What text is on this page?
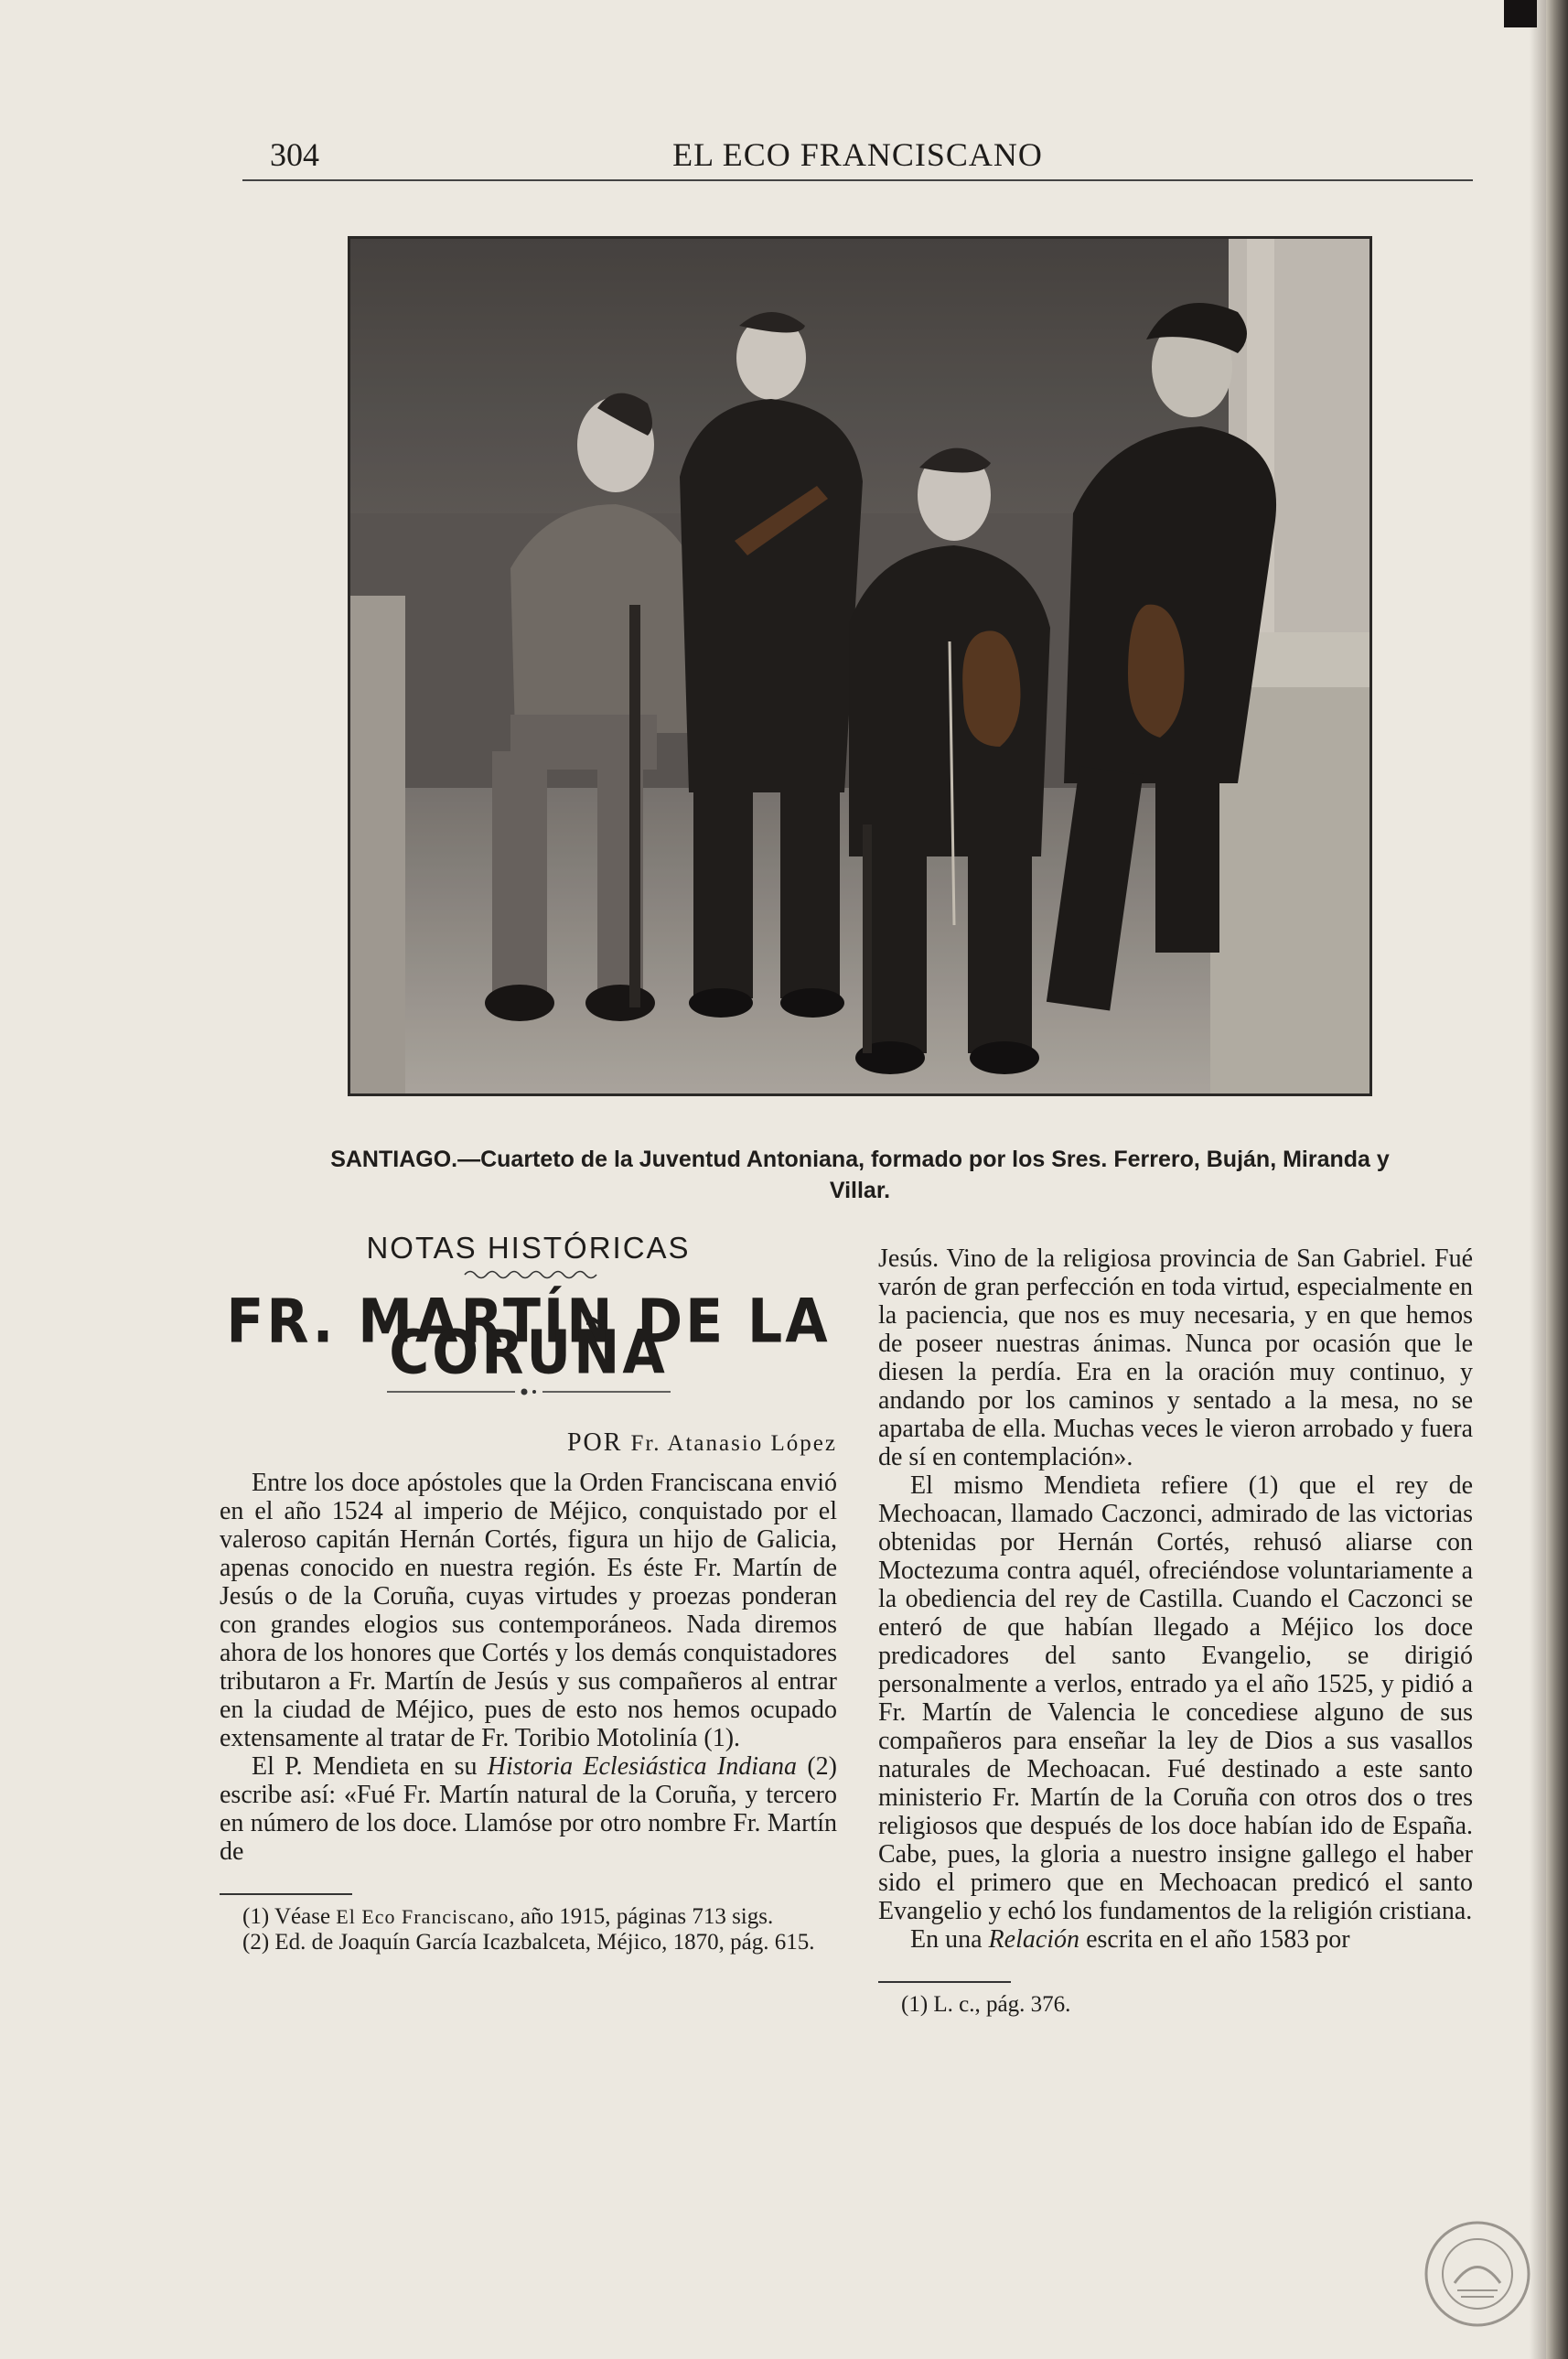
304	EL ECO FRANCISCANO
SANTIAGO.—Cuarteto de la Juventud Antoniana, formado por los Sres. Ferrero, Buján, Miranda y Villar.
NOTAS HISTÓRICAS
FR. MARTÍN DE LA CORUÑA
POR Fr. Atanasio López

Entre los doce apóstoles que la Orden Franciscana envió en el año 1524 al imperio de Méjico, conquistado por el valeroso capitán Hernán Cortés, figura un hijo de Galicia, apenas conocido en nuestra región. Es éste Fr. Martín de Jesús o de la Coruña, cuyas virtudes y proezas ponderan con grandes elogios sus contemporáneos. Nada diremos ahora de los honores que Cortés y los demás conquistadores tributaron a Fr. Martín de Jesús y sus compañeros al entrar en la ciudad de Méjico, pues de esto nos hemos ocupado extensamente al tratar de Fr. Toribio Motolinía (1).

El P. Mendieta en su Historia Eclesiástica Indiana (2) escribe así: «Fué Fr. Martín natural de la Coruña, y tercero en número de los doce. Llamóse por otro nombre Fr. Martín de

(1) Véase El Eco Franciscano, año 1915, páginas 713 sigs.
(2) Ed. de Joaquín García Icazbalceta, Méjico, 1870, pág. 615.

Jesús. Vino de la religiosa provincia de San Gabriel. Fué varón de gran perfección en toda virtud, especialmente en la paciencia, que nos es muy necesaria, y en que hemos de poseer nuestras ánimas. Nunca por ocasión que le diesen la perdía. Era en la oración muy continuo, y andando por los caminos y sentado a la mesa, no se apartaba de ella. Muchas veces le vieron arrobado y fuera de sí en contemplación».

El mismo Mendieta refiere (1) que el rey de Mechoacan, llamado Caczonci, admirado de las victorias obtenidas por Hernán Cortés, rehusó aliarse con Moctezuma contra aquél, ofreciéndose voluntariamente a la obediencia del rey de Castilla. Cuando el Caczonci se enteró de que habían llegado a Méjico los doce predicadores del santo Evangelio, se dirigió personalmente a verlos, entrado ya el año 1525, y pidió a Fr. Martín de Valencia le concediese alguno de sus compañeros para enseñar la ley de Dios a sus vasallos naturales de Mechoacan. Fué destinado a este santo ministerio Fr. Martín de la Coruña con otros dos o tres religiosos que después de los doce habían ido de España. Cabe, pues, la gloria a nuestro insigne gallego el haber sido el primero que en Mechoacan predicó el santo Evangelio y echó los fundamentos de la religión cristiana.

En una Relación escrita en el año 1583 por

(1) L. c., pág. 376.
